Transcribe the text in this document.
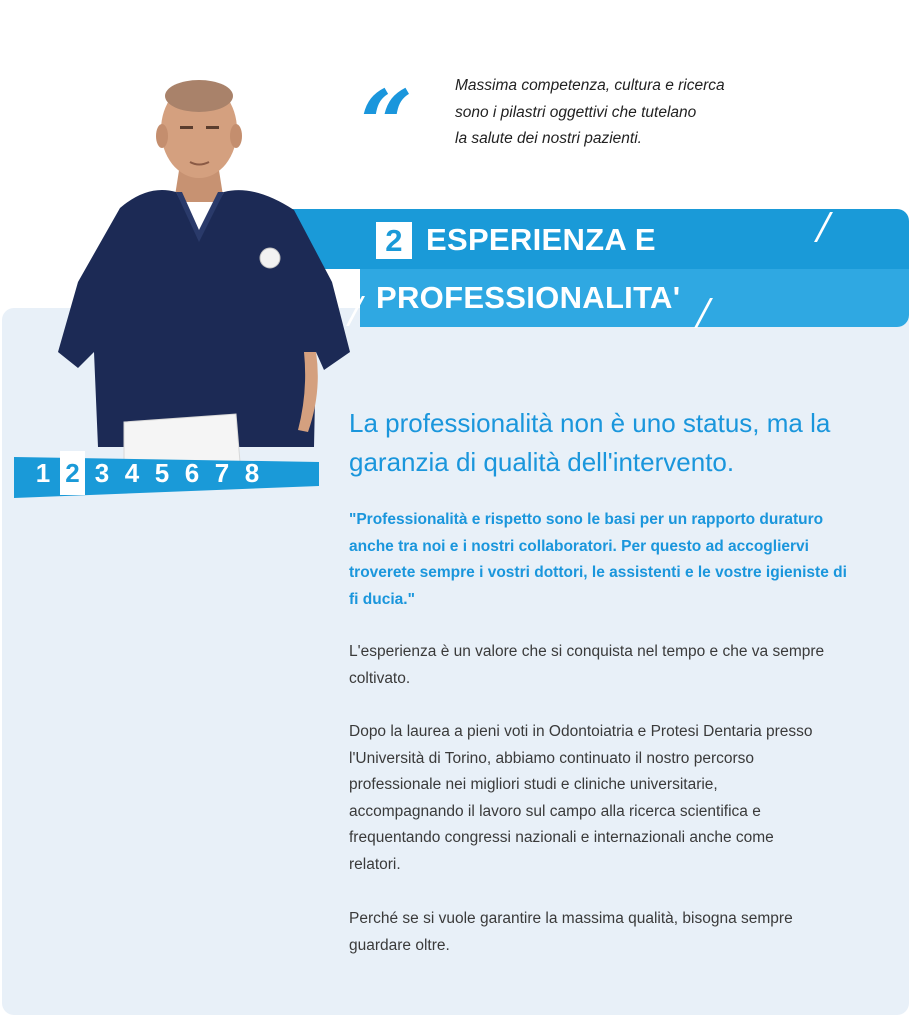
“	Massima competenza, cultura e ricerca
sono i pilastri oggettivi che tutelano
la salute dei nostri pazienti.
2 ESPERIENZA E
PROFESSIONALITA'
1 2 3 4 5 6 7 8
La professionalità non è uno status, ma la
garanzia di qualità dell'intervento.
"Professionalità e rispetto sono le basi per un rapporto duraturo
anche tra noi e i nostri collaboratori. Per questo ad accogliervi
troverete sempre i vostri dottori, le assistenti e le vostre igieniste di
fi ducia."
L'esperienza è un valore che si conquista nel tempo e che va sempre
coltivato.
Dopo la laurea a pieni voti in Odontoiatria e Protesi Dentaria presso
l'Università di Torino, abbiamo continuato il nostro percorso
professionale nei migliori studi e cliniche universitarie,
accompagnando il lavoro sul campo alla ricerca scientifica e
frequentando congressi nazionali e internazionali anche come
relatori.
Perché se si vuole garantire la massima qualità, bisogna sempre
guardare oltre.
